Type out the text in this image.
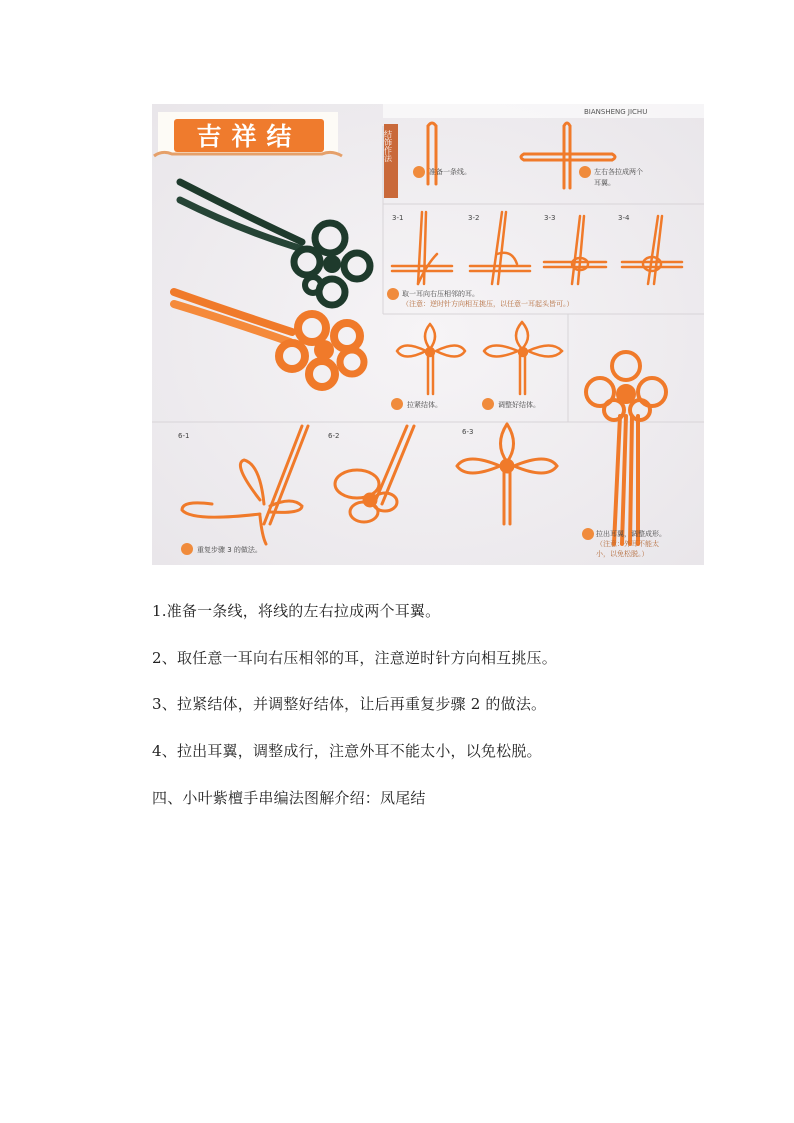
BIANSHENG JICHU
吉祥结	结饰作法
准备一条线。	左右各拉成两个
耳翼。
3-1	3-2	3-3	3-4
取一耳向右压相邻的耳。
（注意：逆时针方向相互挑压，以任意一耳起头皆可。）
拉紧结体。	调整好结体。
6-1	6-2	6-3
重复步骤 3 的做法。
拉出耳翼，调整成形。
（注意：外耳不能太
小，以免松脱。）
1.准备一条线，将线的左右拉成两个耳翼。
2、取任意一耳向右压相邻的耳，注意逆时针方向相互挑压。
3、拉紧结体，并调整好结体，让后再重复步骤 2 的做法。
4、拉出耳翼，调整成行，注意外耳不能太小，以免松脱。
四、小叶紫檀手串编法图解介绍：凤尾结
